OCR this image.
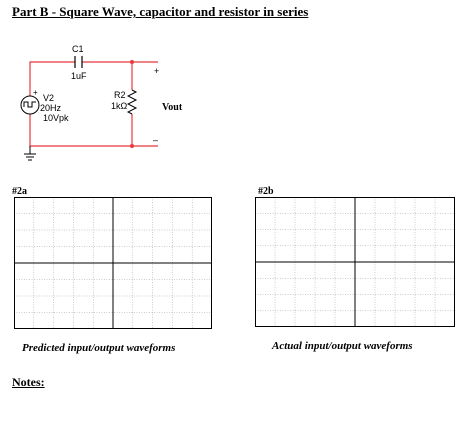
Part B - Square Wave, capacitor and resistor in series
+
C1
1uF
R2
1kΩ
V2
20Hz
10Vpk
Vout
+
–
#2a	#2b
Predicted input/output waveforms	Actual input/output waveforms
Notes:
